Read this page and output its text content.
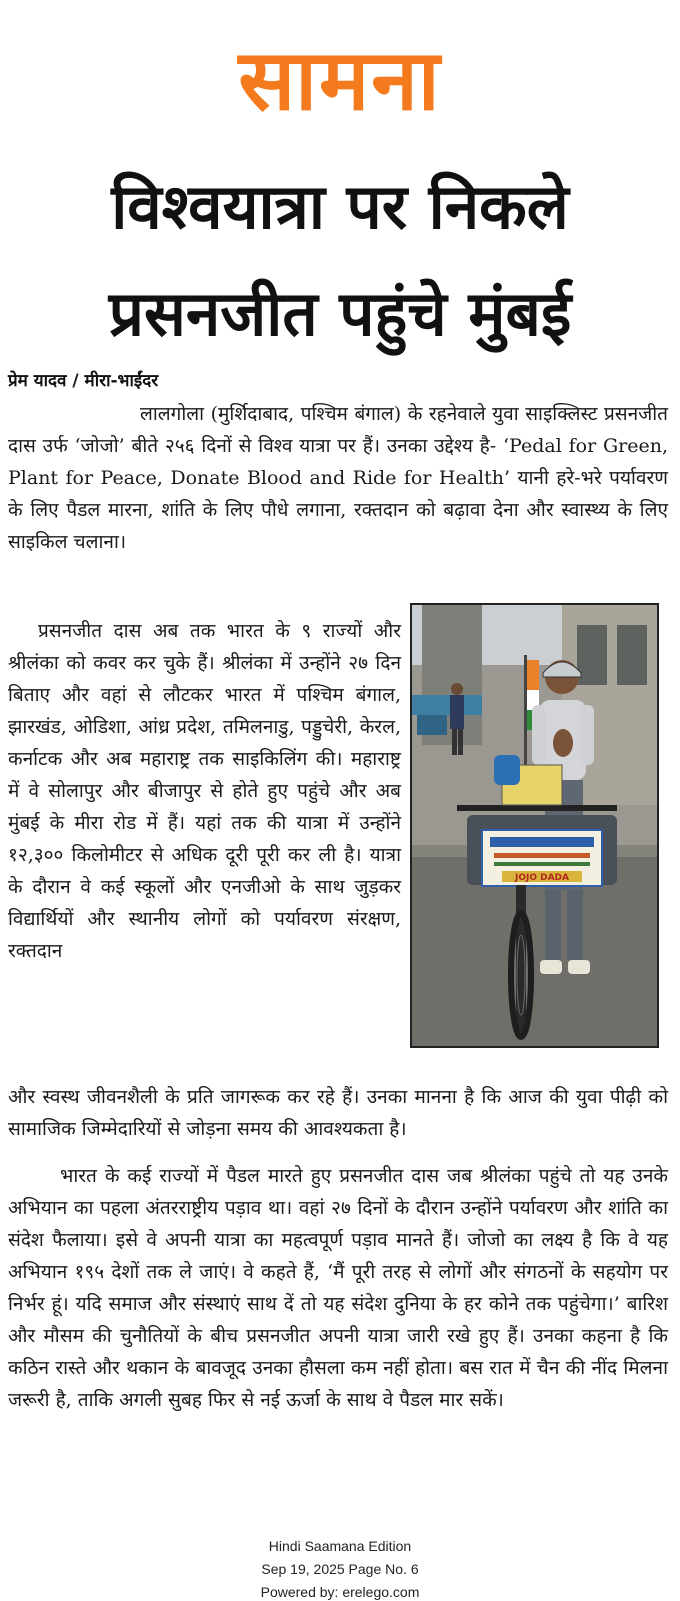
सामना
विश्वयात्रा पर निकले
प्रसनजीत पहुंचे मुंबई
प्रेम यादव / मीरा-भाईंदर

लालगोला (मुर्शिदाबाद, पश्चिम बंगाल) के रहनेवाले युवा साइक्लिस्ट प्रसनजीत दास उर्फ ‘जोजो’ बीते २५६ दिनों से विश्व यात्रा पर हैं। उनका उद्देश्य है- ‘Pedal for Green, Plant for Peace, Donate Blood and Ride for Health’ यानी हरे-भरे पर्यावरण के लिए पैडल मारना, शांति के लिए पौधे लगाना, रक्तदान को बढ़ावा देना और स्वास्थ्य के लिए साइकिल चलाना।

प्रसनजीत दास अब तक भारत के ९ राज्यों और श्रीलंका को कवर कर चुके हैं। श्रीलंका में उन्होंने २७ दिन बिताए और वहां से लौटकर भारत में पश्चिम बंगाल, झारखंड, ओडिशा, आंध्र प्रदेश, तमिलनाडु, पड्डुचेरी, केरल, कर्नाटक और अब महाराष्ट्र तक साइकिलिंग की। महाराष्ट्र में वे सोलापुर और बीजापुर से होते हुए पहुंचे और अब मुंबई के मीरा रोड में हैं। यहां तक की यात्रा में उन्होंने १२,३०० किलोमीटर से अधिक दूरी पूरी कर ली है। यात्रा के दौरान वे कई स्कूलों और एनजीओ के साथ जुड़कर विद्यार्थियों और स्थानीय लोगों को पर्यावरण संरक्षण, रक्तदान

JOJO DADA

और स्वस्थ जीवनशैली के प्रति जागरूक कर रहे हैं। उनका मानना है कि आज की युवा पीढ़ी को सामाजिक जिम्मेदारियों से जोड़ना समय की आवश्यकता है।

भारत के कई राज्यों में पैडल मारते हुए प्रसनजीत दास जब श्रीलंका पहुंचे तो यह उनके अभियान का पहला अंतरराष्ट्रीय पड़ाव था। वहां २७ दिनों के दौरान उन्होंने पर्यावरण और शांति का संदेश फैलाया। इसे वे अपनी यात्रा का महत्वपूर्ण पड़ाव मानते हैं। जोजो का लक्ष्य है कि वे यह अभियान १९५ देशों तक ले जाएं। वे कहते हैं, ‘मैं पूरी तरह से लोगों और संगठनों के सहयोग पर निर्भर हूं। यदि समाज और संस्थाएं साथ दें तो यह संदेश दुनिया के हर कोने तक पहुंचेगा।’ बारिश और मौसम की चुनौतियों के बीच प्रसनजीत अपनी यात्रा जारी रखे हुए हैं। उनका कहना है कि कठिन रास्ते और थकान के बावजूद उनका हौसला कम नहीं होता। बस रात में चैन की नींद मिलना जरूरी है, ताकि अगली सुबह फिर से नई ऊर्जा के साथ वे पैडल मार सकें।

Hindi Saamana Edition
Sep 19, 2025 Page No. 6
Powered by: erelego.com
